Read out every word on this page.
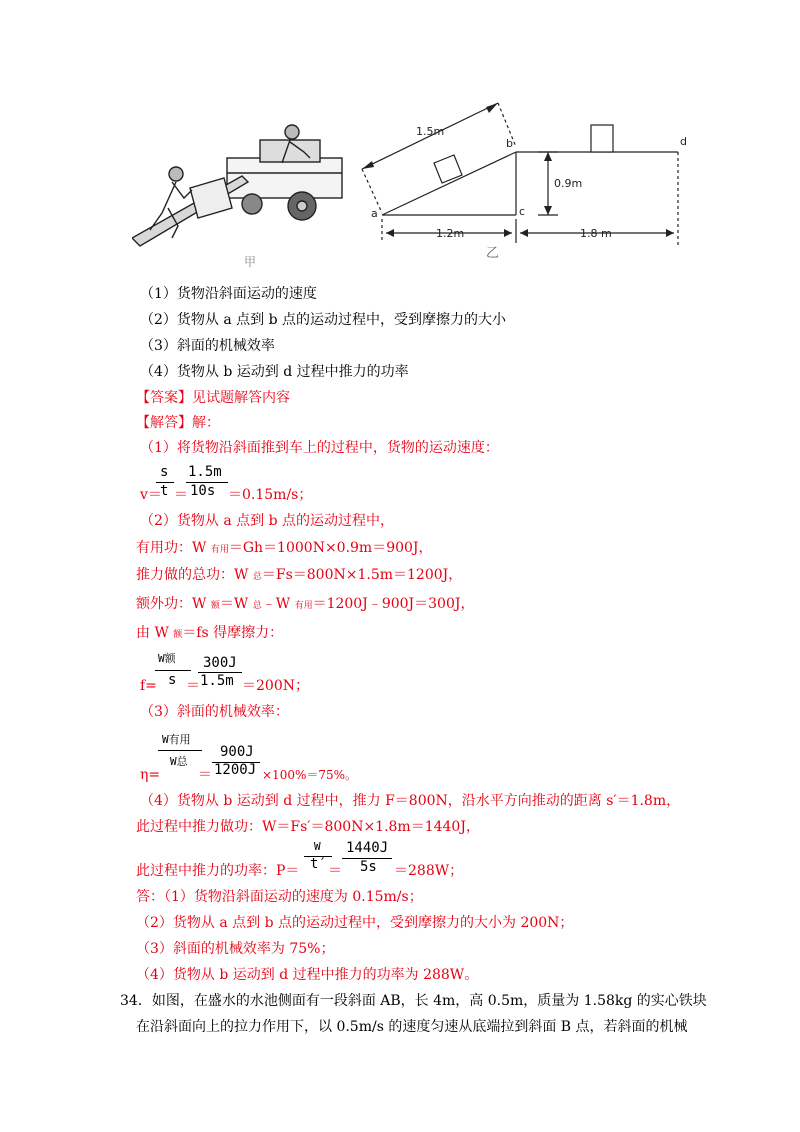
甲
1.5m
0.9m
1.2m	1.8 m
a
b
c
d
乙
（1）货物沿斜面运动的速度
（2）货物从 a 点到 b 点的运动过程中，受到摩擦力的大小
（3）斜面的机械效率
（4）货物从 b 运动到 d 过程中推力的功率
【答案】见试题解答内容
【解答】解：
（1）将货物沿斜面推到车上的过程中，货物的运动速度：
s
t
1.5m
10s
v＝ ＝	＝0.15m/s；
（2）货物从 a 点到 b 点的运动过程中，
有用功：W 有用＝Gh＝1000N×0.9m＝900J，
推力做的总功：W 总＝Fs＝800N×1.5m＝1200J，
额外功：W 额＝W 总﹣W 有用＝1200J﹣900J＝300J，
由 W 额＝fs 得摩擦力：
W额
s
300J
1.5m
f= ＝	＝200N；
（3）斜面的机械效率：
W有用
W总
900J
1200J
η=	＝	×100%＝75%。
（4）货物从 b 运动到 d 过程中，推力 F＝800N，沿水平方向推动的距离 s′＝1.8m，
此过程中推力做功：W＝Fs′＝800N×1.8m＝1440J，
W
t′
1440J
5s
此过程中推力的功率：P＝ ＝	＝288W；
答：（1）货物沿斜面运动的速度为 0.15m/s；
（2）货物从 a 点到 b 点的运动过程中，受到摩擦力的大小为 200N；
（3）斜面的机械效率为 75%；
（4）货物从 b 运动到 d 过程中推力的功率为 288W。
34．如图，在盛水的水池侧面有一段斜面 AB，长 4m，高 0.5m，质量为 1.58kg 的实心铁块
在沿斜面向上的拉力作用下，以 0.5m/s 的速度匀速从底端拉到斜面 B 点，若斜面的机械
